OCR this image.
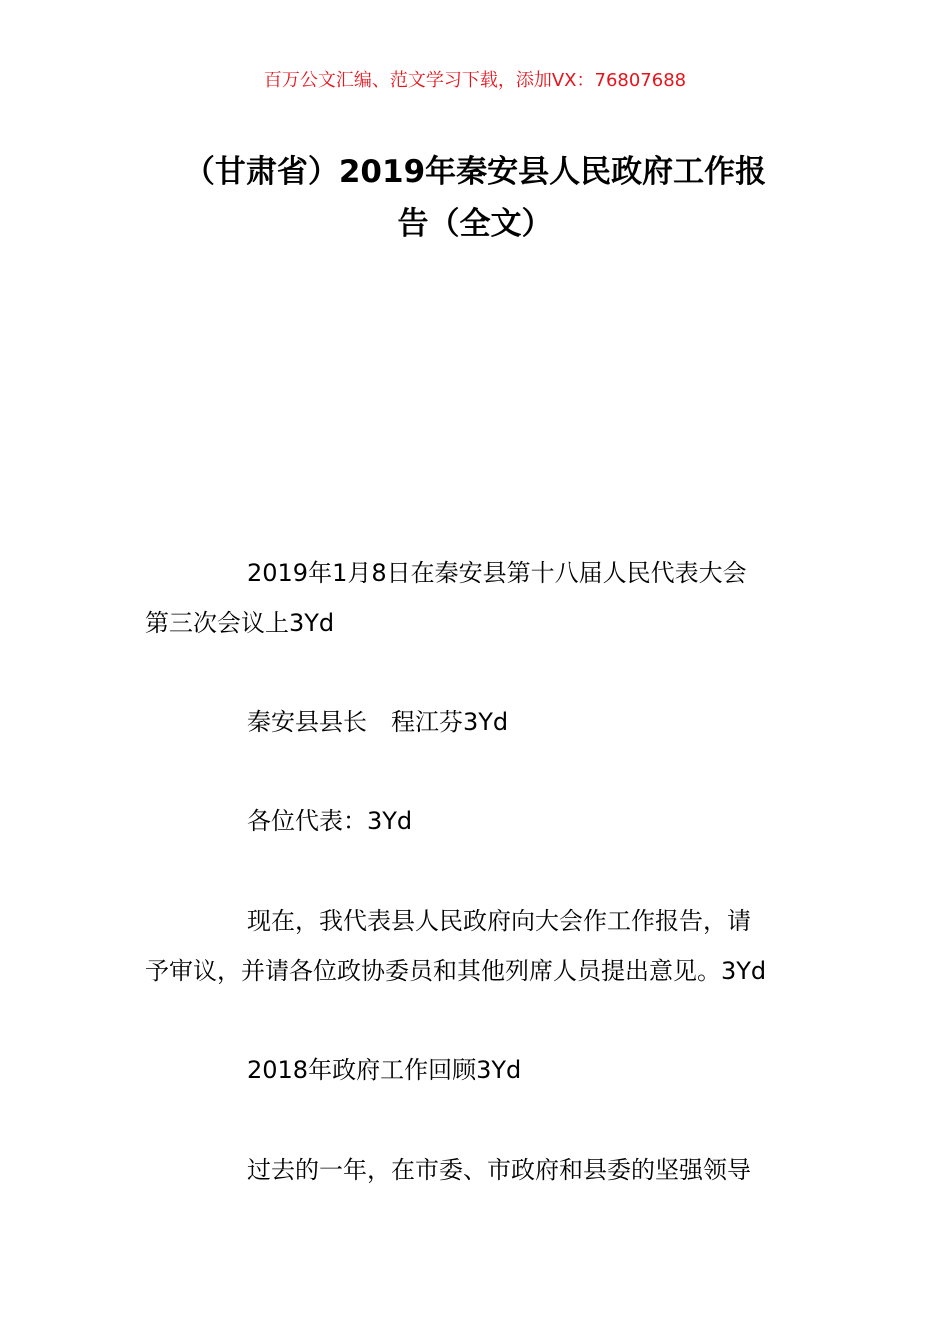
百万公文汇编、范文学习下载，添加VX：76807688
（甘肃省）2019年秦安县人民政府工作报
告（全文）

2019年1月8日在秦安县第十八届人民代表大会

第三次会议上3Yd

秦安县县长　程江芬3Yd

各位代表：3Yd

现在，我代表县人民政府向大会作工作报告，请

予审议，并请各位政协委员和其他列席人员提出意见。3Yd

2018年政府工作回顾3Yd

过去的一年，在市委、市政府和县委的坚强领导
